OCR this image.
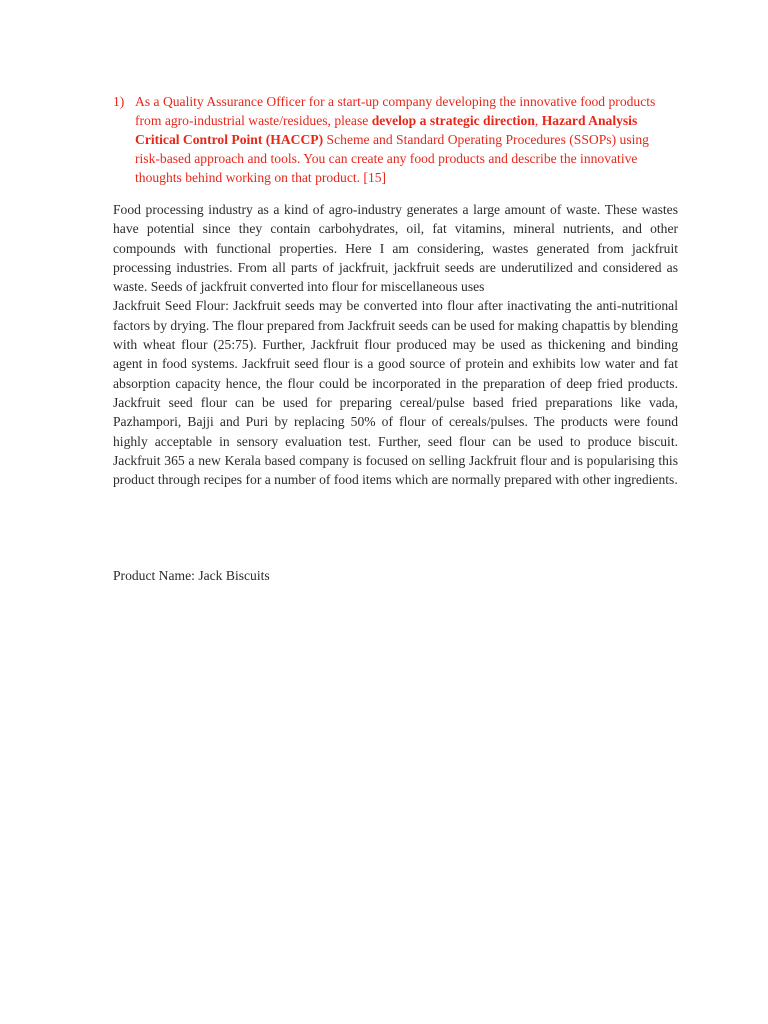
1) As a Quality Assurance Officer for a start-up company developing the innovative food products from agro-industrial waste/residues, please develop a strategic direction, Hazard Analysis Critical Control Point (HACCP) Scheme and Standard Operating Procedures (SSOPs) using risk-based approach and tools. You can create any food products and describe the innovative thoughts behind working on that product. [15]

Food processing industry as a kind of agro-industry generates a large amount of waste. These wastes have potential since they contain carbohydrates, oil, fat vitamins, mineral nutrients, and other compounds with functional properties. Here I am considering, wastes generated from jackfruit processing industries. From all parts of jackfruit, jackfruit seeds are underutilized and considered as waste. Seeds of jackfruit converted into flour for miscellaneous uses

Jackfruit Seed Flour: Jackfruit seeds may be converted into flour after inactivating the anti-nutritional factors by drying. The flour prepared from Jackfruit seeds can be used for making chapattis by blending with wheat flour (25:75). Further, Jackfruit flour produced may be used as thickening and binding agent in food systems. Jackfruit seed flour is a good source of protein and exhibits low water and fat absorption capacity hence, the flour could be incorporated in the preparation of deep fried products. Jackfruit seed flour can be used for preparing cereal/pulse based fried preparations like vada, Pazhampori, Bajji and Puri by replacing 50% of flour of cereals/pulses. The products were found highly acceptable in sensory evaluation test. Further, seed flour can be used to produce biscuit. Jackfruit 365 a new Kerala based company is focused on selling Jackfruit flour and is popularising this product through recipes for a number of food items which are normally prepared with other ingredients.

Product Name: Jack Biscuits
